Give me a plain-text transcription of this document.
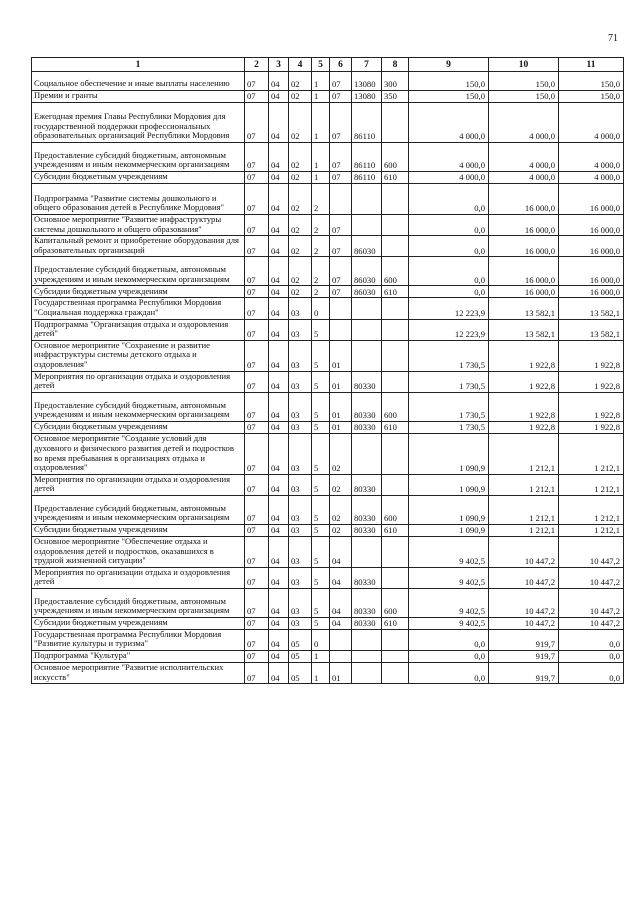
71
1	2	3	4	5	6	7	8	9	10	11
Социальное обеспечение и иные выплаты населению	07	04	02	1	07	13080	300	150,0	150,0	150,0
Премии и гранты	07	04	02	1	07	13080	350	150,0	150,0	150,0
Ежегодная премия Главы Республики Мордовия для государственной поддержки профессиональных образовательных организаций Республики Мордовия	07	04	02	1	07	86110		4 000,0	4 000,0	4 000,0
Предоставление субсидий бюджетным, автономным учреждениям и иным некоммерческим организациям	07	04	02	1	07	86110	600	4 000,0	4 000,0	4 000,0
Субсидии бюджетным учреждениям	07	04	02	1	07	86110	610	4 000,0	4 000,0	4 000,0
Подпрограмма "Развитие системы дошкольного и общего образования детей в Республике Мордовия"	07	04	02	2				0,0	16 000,0	16 000,0
Основное мероприятие "Развитие инфраструктуры системы дошкольного и общего образования"	07	04	02	2	07			0,0	16 000,0	16 000,0
Капитальный ремонт и приобретение оборудования для образовательных организаций	07	04	02	2	07	86030		0,0	16 000,0	16 000,0
Предоставление субсидий бюджетным, автономным учреждениям и иным некоммерческим организациям	07	04	02	2	07	86030	600	0,0	16 000,0	16 000,0
Субсидии бюджетным учреждениям	07	04	02	2	07	86030	610	0,0	16 000,0	16 000,0
Государственная программа Республики Мордовия "Социальная поддержка граждан"	07	04	03	0				12 223,9	13 582,1	13 582,1
Подпрограмма "Организация отдыха и оздоровления детей"	07	04	03	5				12 223,9	13 582,1	13 582,1
Основное мероприятие "Сохранение и развитие инфраструктуры системы детского отдыха и оздоровления"	07	04	03	5	01			1 730,5	1 922,8	1 922,8
Мероприятия по организации отдыха и оздоровления детей	07	04	03	5	01	80330		1 730,5	1 922,8	1 922,8
Предоставление субсидий бюджетным, автономным учреждениям и иным некоммерческим организациям	07	04	03	5	01	80330	600	1 730,5	1 922,8	1 922,8
Субсидии бюджетным учреждениям	07	04	03	5	01	80330	610	1 730,5	1 922,8	1 922,8
Основное мероприятие "Создание условий для духовного и физического развития детей и подростков во время пребывания в организациях отдыха и оздоровления"	07	04	03	5	02			1 090,9	1 212,1	1 212,1
Мероприятия по организации отдыха и оздоровления детей	07	04	03	5	02	80330		1 090,9	1 212,1	1 212,1
Предоставление субсидий бюджетным, автономным учреждениям и иным некоммерческим организациям	07	04	03	5	02	80330	600	1 090,9	1 212,1	1 212,1
Субсидии бюджетным учреждениям	07	04	03	5	02	80330	610	1 090,9	1 212,1	1 212,1
Основное мероприятие "Обеспечение отдыха и оздоровления детей и подростков, оказавшихся в трудной жизненной ситуации"	07	04	03	5	04			9 402,5	10 447,2	10 447,2
Мероприятия по организации отдыха и оздоровления детей	07	04	03	5	04	80330		9 402,5	10 447,2	10 447,2
Предоставление субсидий бюджетным, автономным учреждениям и иным некоммерческим организациям	07	04	03	5	04	80330	600	9 402,5	10 447,2	10 447,2
Субсидии бюджетным учреждениям	07	04	03	5	04	80330	610	9 402,5	10 447,2	10 447,2
Государственная программа Республики Мордовия "Развитие культуры и туризма"	07	04	05	0				0,0	919,7	0,0
Подпрограмма "Культура"	07	04	05	1				0,0	919,7	0,0
Основное мероприятие "Развитие исполнительских искусств"	07	04	05	1	01			0,0	919,7	0,0
